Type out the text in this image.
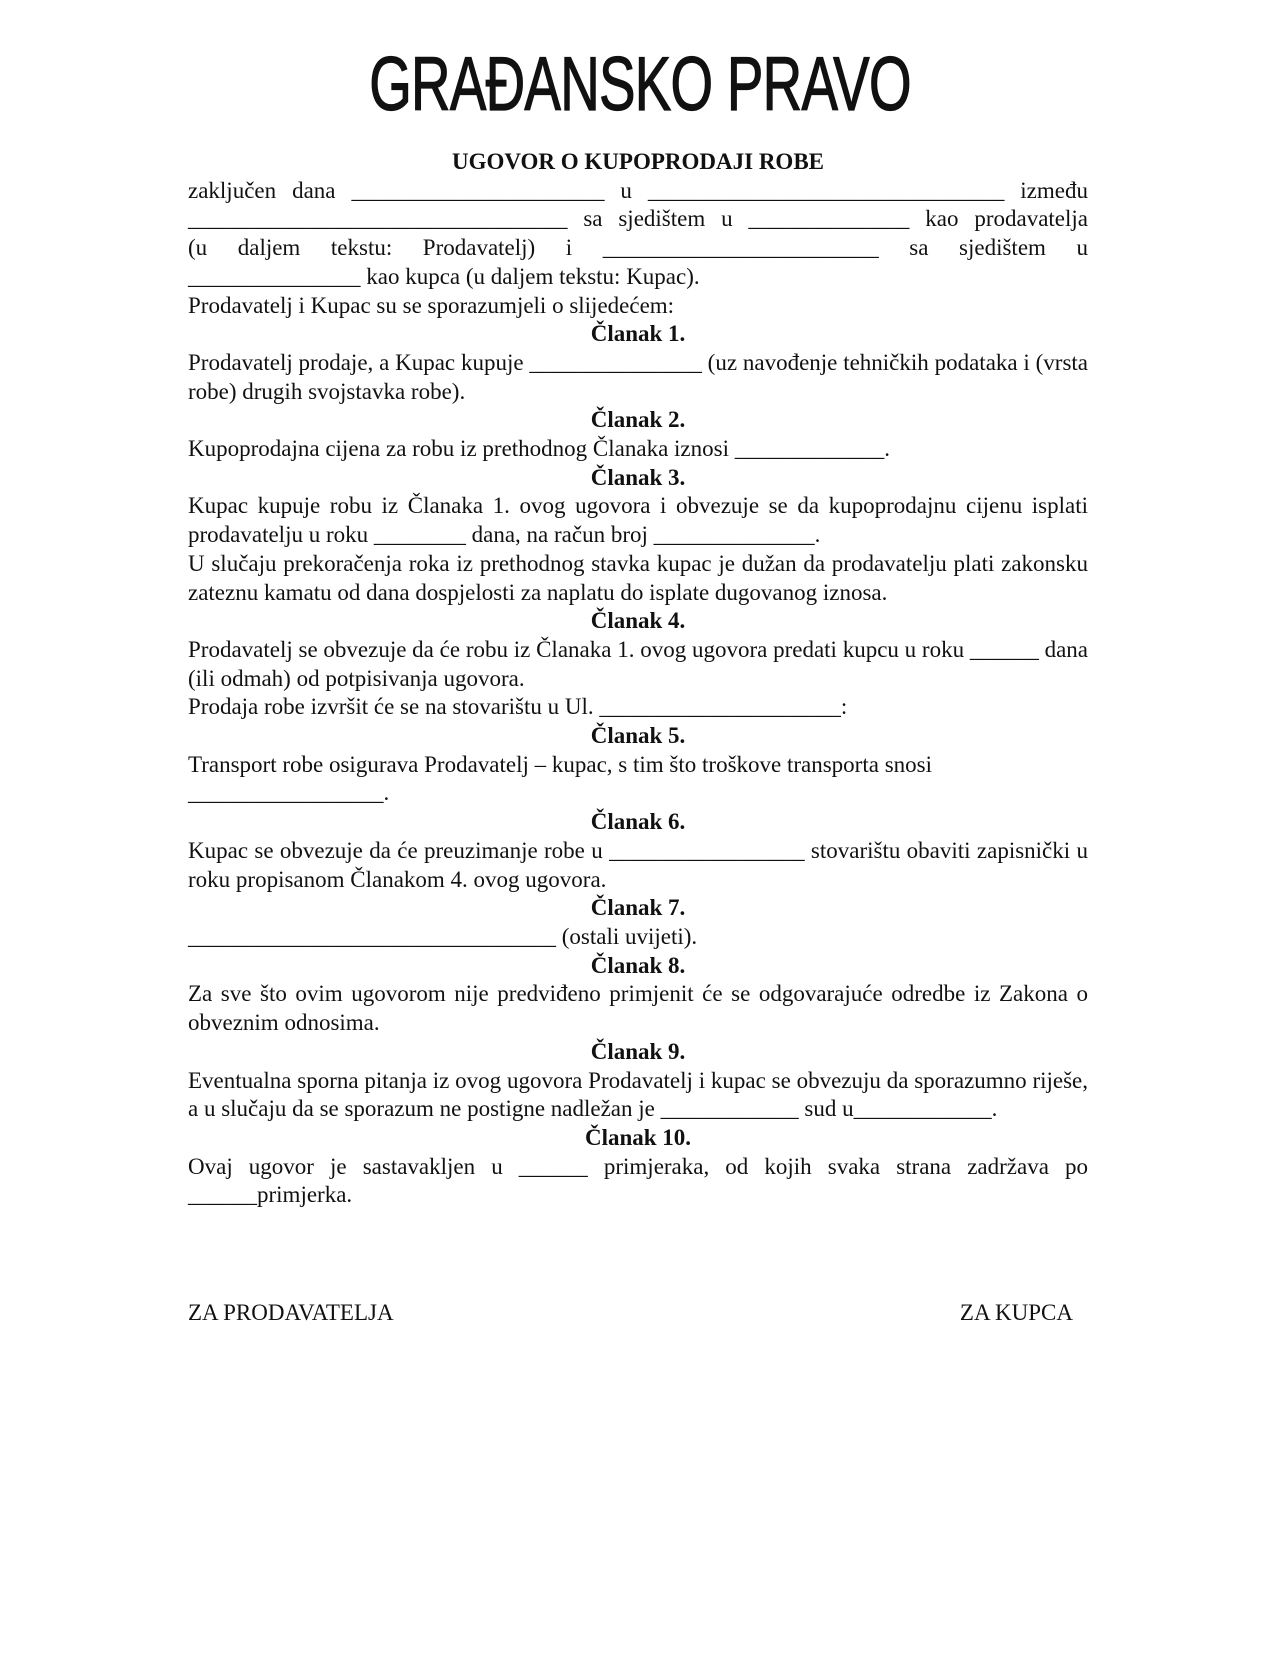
GRAĐANSKO PRAVO

UGOVOR O KUPOPRODAJI ROBE

zaključen dana ______________________ u _______________________________ između

_________________________________ sa sjedištem u ______________ kao prodavatelja

(u daljem tekstu: Prodavatelj) i ________________________ sa sjedištem u

_______________ kao kupca (u daljem tekstu: Kupac).

Prodavatelj i Kupac su se sporazumjeli o slijedećem:

Članak 1.

Prodavatelj prodaje, a Kupac kupuje _______________ (uz navođenje tehničkih podataka i (vrsta robe) drugih svojstavka robe).

Članak 2.

Kupoprodajna cijena za robu iz prethodnog Članaka iznosi _____________.

Članak 3.

Kupac kupuje robu iz Članaka 1. ovog ugovora i obvezuje se da kupoprodajnu cijenu isplati prodavatelju u roku ________ dana, na račun broj ______________.

U slučaju prekoračenja roka iz prethodnog stavka kupac je dužan da prodavatelju plati zakonsku zateznu kamatu od dana dospjelosti za naplatu do isplate dugovanog iznosa.

Članak 4.

Prodavatelj se obvezuje da će robu iz Članaka 1. ovog ugovora predati kupcu u roku ______ dana (ili odmah) od potpisivanja ugovora.

Prodaja robe izvršit će se na stovarištu u Ul. _____________________:

Članak 5.

Transport robe osigurava Prodavatelj – kupac, s tim što troškove transporta snosi _________________.

Članak 6.

Kupac se obvezuje da će preuzimanje robe u _________________ stovarištu obaviti zapisnički u roku propisanom Članakom 4. ovog ugovora.

Članak 7.

________________________________ (ostali uvijeti).

Članak 8.

Za sve što ovim ugovorom nije predviđeno primjenit će se odgovarajuće odredbe iz Zakona o obveznim odnosima.

Članak 9.

Eventualna sporna pitanja iz ovog ugovora Prodavatelj i kupac se obvezuju da sporazumno riješe, a u slučaju da se sporazum ne postigne nadležan je ____________ sud u____________.

Članak 10.

Ovaj ugovor je sastavakljen u ______ primjeraka, od kojih svaka strana zadržava po ______primjerka.

ZA PRODAVATELJA	ZA KUPCA
